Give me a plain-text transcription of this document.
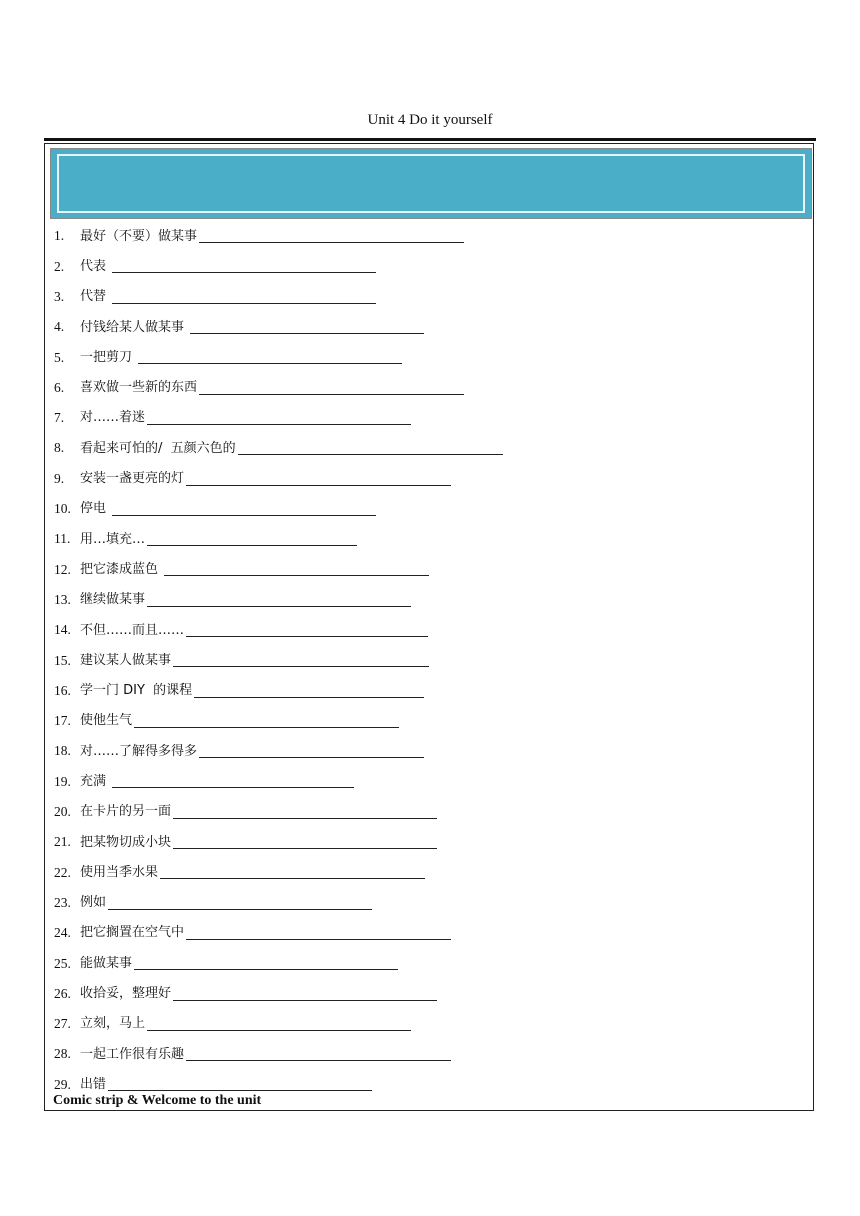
Unit 4 Do it yourself
1.	最好（不要）做某事
2.	代表
3.	代替
4.	付钱给某人做某事
5.	一把剪刀
6.	喜欢做一些新的东西
7.	对……着迷
8.	看起来可怕的/  五颜六色的
9.	安装一盏更亮的灯
10. 停电
11. 用…填充…
12. 把它漆成蓝色
13. 继续做某事
14. 不但……而且……
15. 建议某人做某事
16. 学一门 DIY  的课程
17. 使他生气
18. 对……了解得多得多
19. 充满
20. 在卡片的另一面
21. 把某物切成小块
22. 使用当季水果
23. 例如
24. 把它搁置在空气中
25. 能做某事
26. 收拾妥，整理好
27. 立刻，马上
28. 一起工作很有乐趣
29. 出错
Comic strip & Welcome to the unit
